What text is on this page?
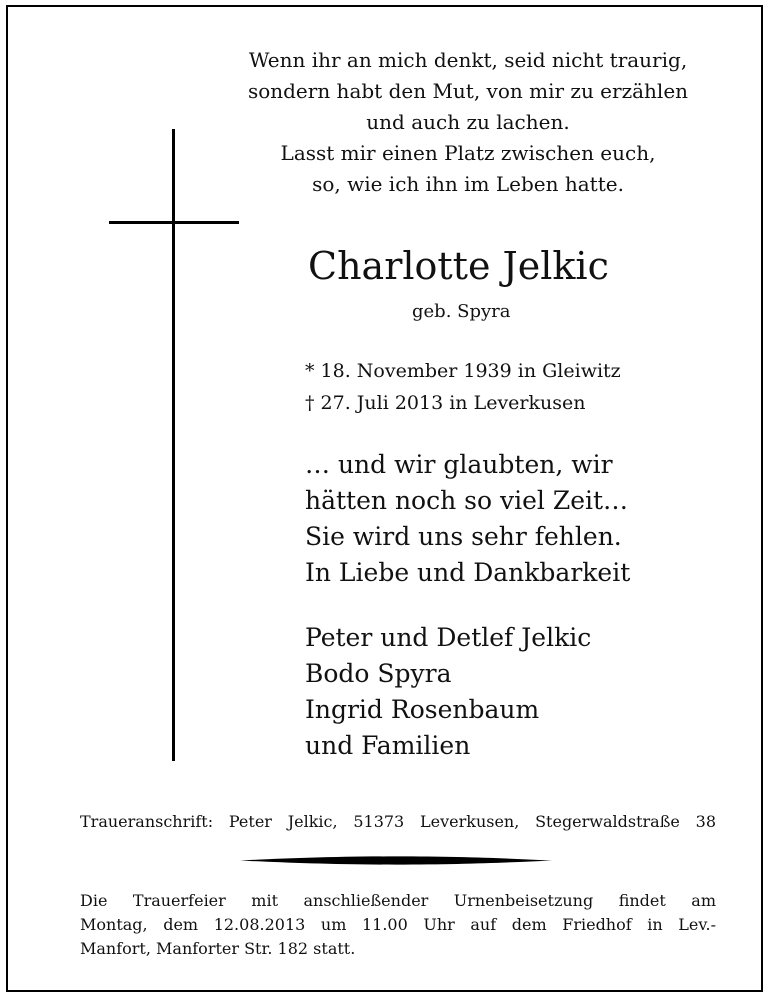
Wenn ihr an mich denkt, seid nicht traurig,
sondern habt den Mut, von mir zu erzählen
und auch zu lachen.
Lasst mir einen Platz zwischen euch,
so, wie ich ihn im Leben hatte.
Charlotte Jelkic
geb. Spyra
* 18. November 1939 in Gleiwitz
† 27. Juli 2013 in Leverkusen
… und wir glaubten, wir
hätten noch so viel Zeit…
Sie wird uns sehr fehlen.
In Liebe und Dankbarkeit
Peter und Detlef Jelkic
Bodo Spyra
Ingrid Rosenbaum
und Familien
Traueranschrift: Peter Jelkic, 51373 Leverkusen, Stegerwaldstraße 38
Die Trauerfeier mit anschließender Urnenbeisetzung findet am
Montag, dem 12.08.2013 um 11.00 Uhr auf dem Friedhof in Lev.-
Manfort, Manforter Str. 182 statt.
